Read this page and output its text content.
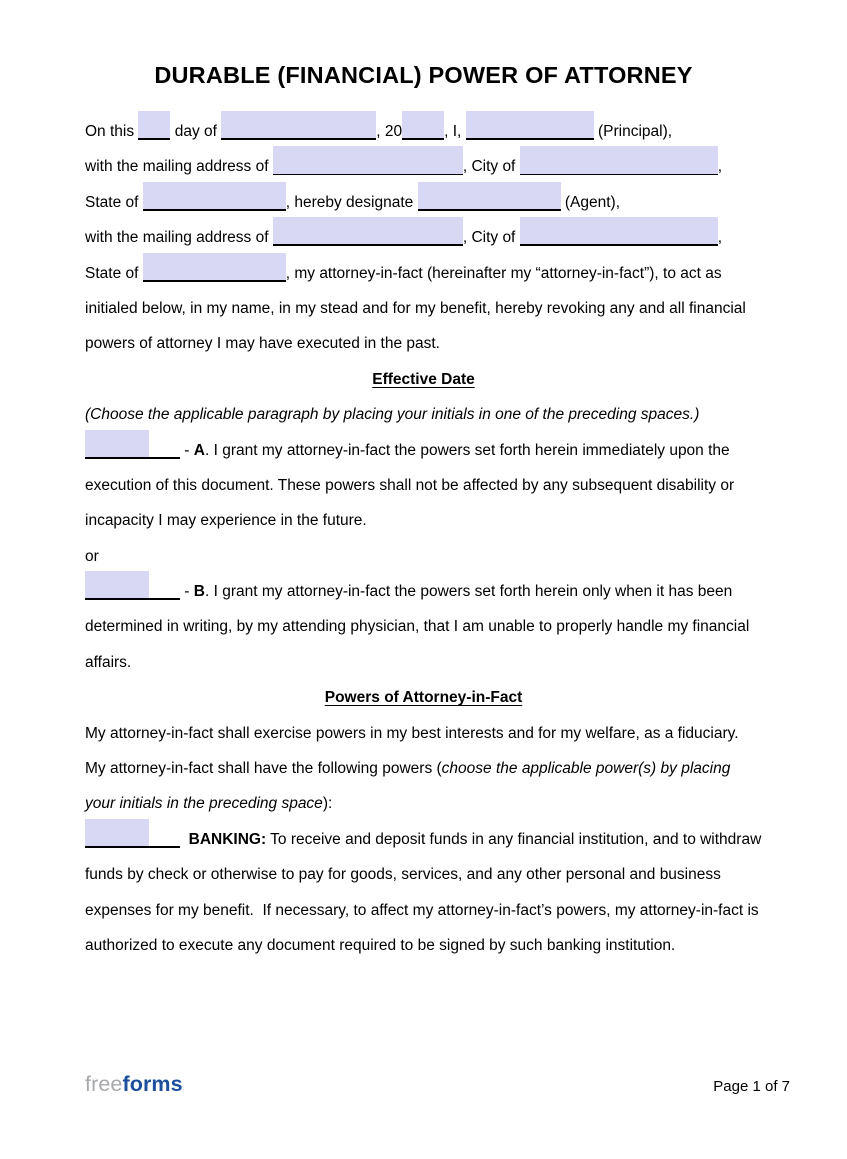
DURABLE (FINANCIAL) POWER OF ATTORNEY
On this  day of	, 20	, I,	(Principal),
with the mailing address of	, City of	,
State of	, hereby designate	(Agent),
with the mailing address of	, City of	,
State of	, my attorney-in-fact (hereinafter my “attorney-in-fact”), to act as
initialed below, in my name, in my stead and for my benefit, hereby revoking any and all financial
powers of attorney I may have executed in the past.
Effective Date
(Choose the applicable paragraph by placing your initials in one of the preceding spaces.)
- A. I grant my attorney-in-fact the powers set forth herein immediately upon the
execution of this document. These powers shall not be affected by any subsequent disability or
incapacity I may experience in the future.
or
- B. I grant my attorney-in-fact the powers set forth herein only when it has been
determined in writing, by my attending physician, that I am unable to properly handle my financial
affairs.
Powers of Attorney-in-Fact
My attorney-in-fact shall exercise powers in my best interests and for my welfare, as a fiduciary.
My attorney-in-fact shall have the following powers (choose the applicable power(s) by placing
your initials in the preceding space):
BANKING: To receive and deposit funds in any financial institution, and to withdraw
funds by check or otherwise to pay for goods, services, and any other personal and business
expenses for my benefit.  If necessary, to affect my attorney-in-fact’s powers, my attorney-in-fact is
authorized to execute any document required to be signed by such banking institution.
freeforms	Page 1 of 7
